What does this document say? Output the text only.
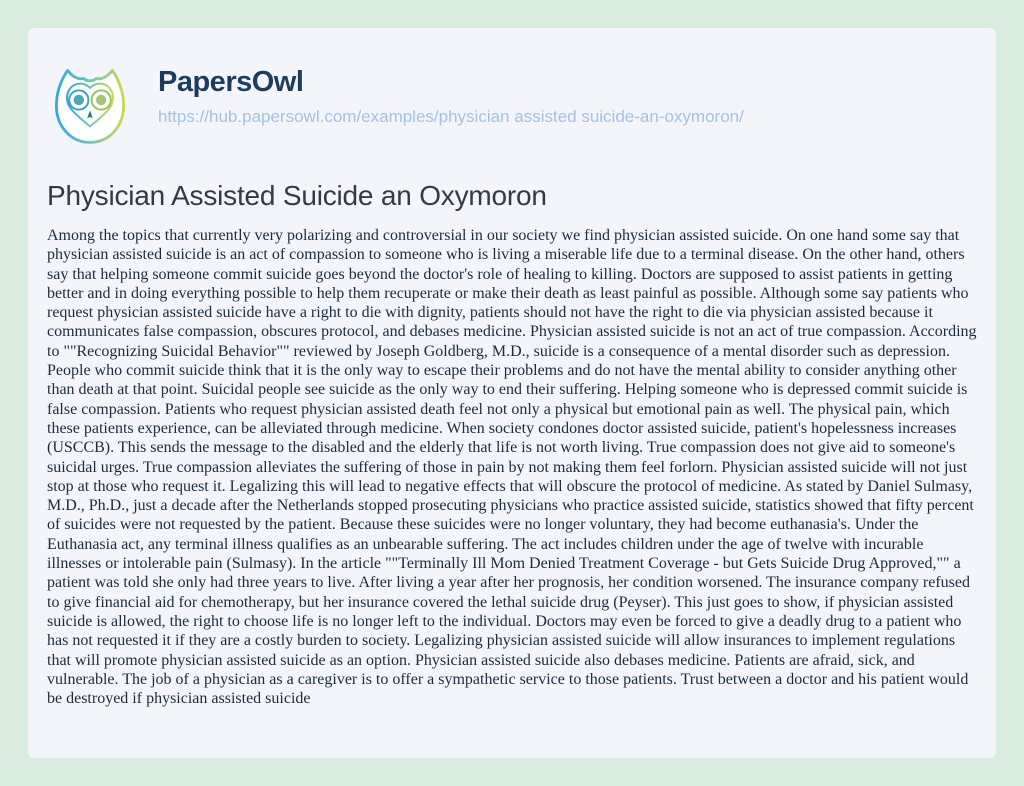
PapersOwl
https://hub.papersowl.com/examples/physician assisted suicide-an-oxymoron/
Physician Assisted Suicide an Oxymoron

Among the topics that currently very polarizing and controversial in our society we find physician assisted suicide. On one hand some say that physician assisted suicide is an act of compassion to someone who is living a miserable life due to a terminal disease. On the other hand, others say that helping someone commit suicide goes beyond the doctor's role of healing to killing. Doctors are supposed to assist patients in getting better and in doing everything possible to help them recuperate or make their death as least painful as possible. Although some say patients who request physician assisted suicide have a right to die with dignity, patients should not have the right to die via physician assisted because it communicates false compassion, obscures protocol, and debases medicine. Physician assisted suicide is not an act of true compassion. According to ""Recognizing Suicidal Behavior"" reviewed by Joseph Goldberg, M.D., suicide is a consequence of a mental disorder such as depression. People who commit suicide think that it is the only way to escape their problems and do not have the mental ability to consider anything other than death at that point. Suicidal people see suicide as the only way to end their suffering. Helping someone who is depressed commit suicide is false compassion. Patients who request physician assisted death feel not only a physical but emotional pain as well. The physical pain, which these patients experience, can be alleviated through medicine. When society condones doctor assisted suicide, patient's hopelessness increases (USCCB). This sends the message to the disabled and the elderly that life is not worth living. True compassion does not give aid to someone's suicidal urges. True compassion alleviates the suffering of those in pain by not making them feel forlorn. Physician assisted suicide will not just stop at those who request it. Legalizing this will lead to negative effects that will obscure the protocol of medicine. As stated by Daniel Sulmasy, M.D., Ph.D., just a decade after the Netherlands stopped prosecuting physicians who practice assisted suicide, statistics showed that fifty percent of suicides were not requested by the patient. Because these suicides were no longer voluntary, they had become euthanasia's. Under the Euthanasia act, any terminal illness qualifies as an unbearable suffering. The act includes children under the age of twelve with incurable illnesses or intolerable pain (Sulmasy). In the article ""Terminally Ill Mom Denied Treatment Coverage - but Gets Suicide Drug Approved,"" a patient was told she only had three years to live. After living a year after her prognosis, her condition worsened. The insurance company refused to give financial aid for chemotherapy, but her insurance covered the lethal suicide drug (Peyser). This just goes to show, if physician assisted suicide is allowed, the right to choose life is no longer left to the individual. Doctors may even be forced to give a deadly drug to a patient who has not requested it if they are a costly burden to society. Legalizing physician assisted suicide will allow insurances to implement regulations that will promote physician assisted suicide as an option. Physician assisted suicide also debases medicine. Patients are afraid, sick, and vulnerable. The job of a physician as a caregiver is to offer a sympathetic service to those patients. Trust between a doctor and his patient would be destroyed if physician assisted suicide
